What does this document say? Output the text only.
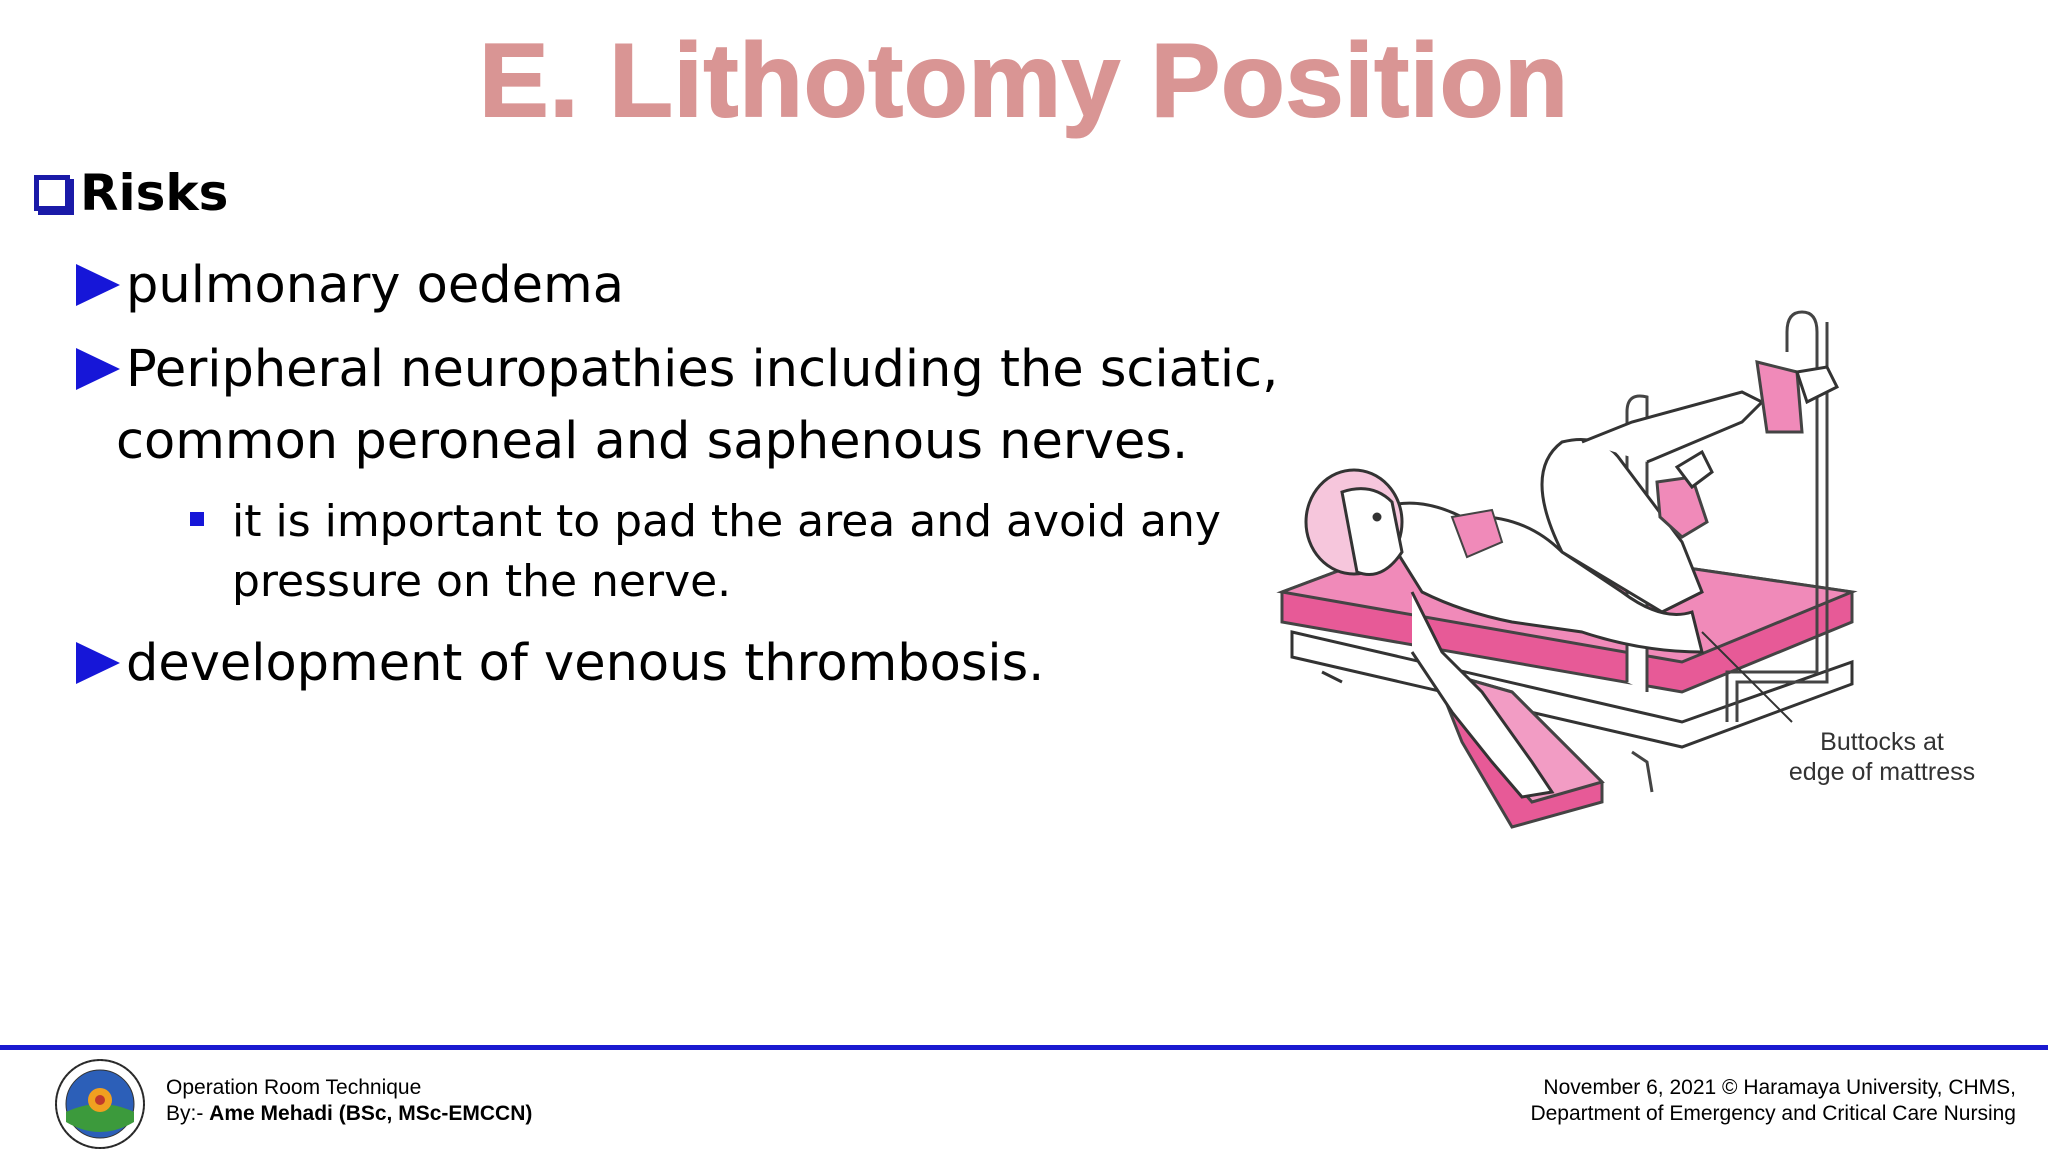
E. Lithotomy Position
Risks
pulmonary oedema
Peripheral neuropathies including the sciatic,
common peroneal and saphenous nerves.
it is important to pad the area and avoid any
pressure on the nerve.
development of venous thrombosis.
Buttocks at
edge of mattress
Operation Room Technique
By:- Ame Mehadi (BSc, MSc-EMCCN)
November 6, 2021 © Haramaya University, CHMS,
Department of Emergency and Critical Care Nursing
